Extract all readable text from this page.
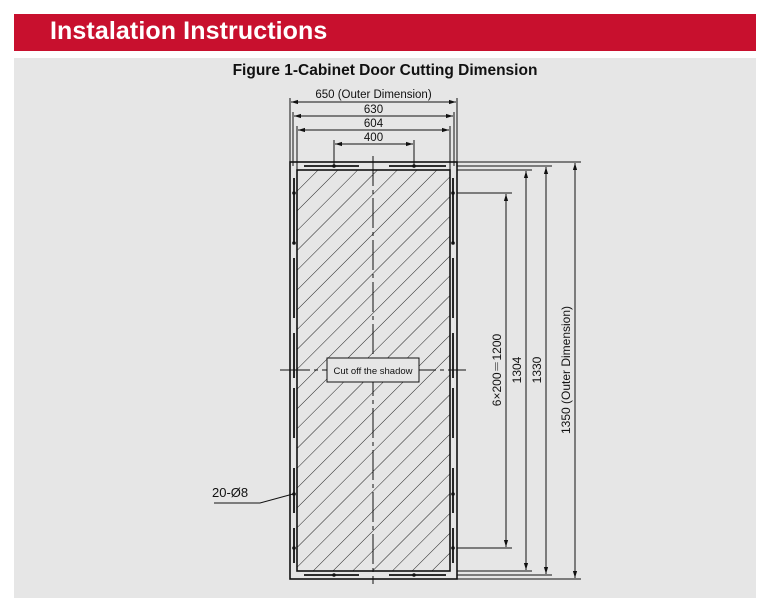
Instalation Instructions
Figure 1-Cabinet Door Cutting Dimension
650 (Outer Dimension)
630
604
400
Cut off the shadow
20-Ø8
6×200＝1200 1304 1330 1350 (Outer Dimension)
